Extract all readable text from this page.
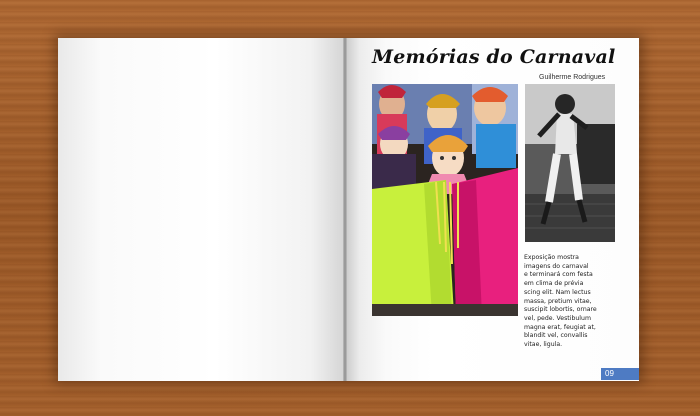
Memórias do Carnaval
Guilherme Rodrigues
Exposição mostra
imagens do carnaval
e terminará com festa
em clima de prévia
scing elit. Nam lectus
massa, pretium vitae,
suscipit lobortis, ornare
vel, pede. Vestibulum
magna erat, feugiat at,
blandit vel, convallis
vitae, ligula.
09
